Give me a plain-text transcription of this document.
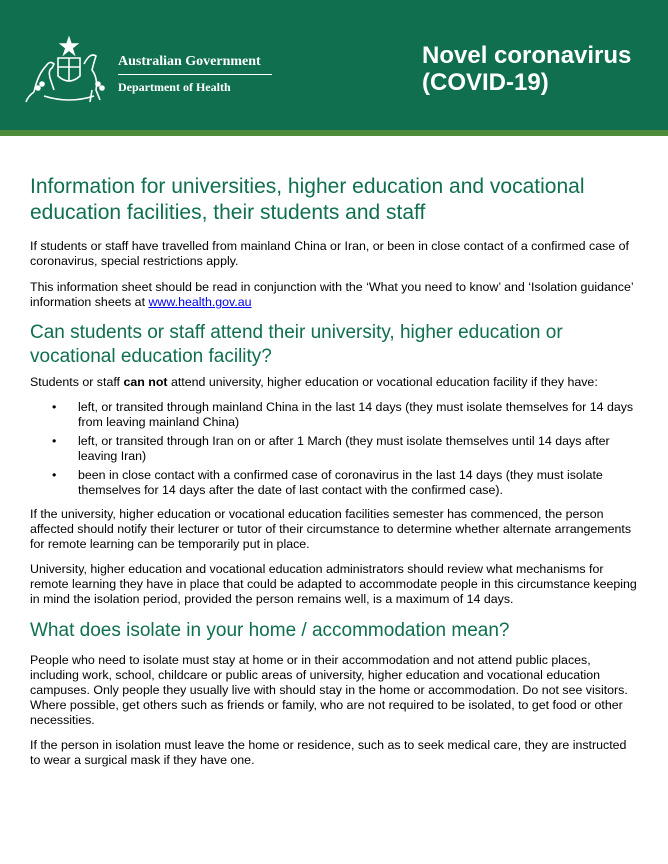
Australian Government
Department of Health
Novel coronavirus
(COVID-19)
Information for universities, higher education and vocational education facilities, their students and staff

If students or staff have travelled from mainland China or Iran, or been in close contact of a confirmed case of coronavirus, special restrictions apply.

This information sheet should be read in conjunction with the ‘What you need to know’ and ‘Isolation guidance’ information sheets at www.health.gov.au

Can students or staff attend their university, higher education or vocational education facility?

Students or staff can not attend university, higher education or vocational education facility if they have:

• left, or transited through mainland China in the last 14 days (they must isolate themselves for 14 days from leaving mainland China)
• left, or transited through Iran on or after 1 March (they must isolate themselves until 14 days after leaving Iran)
• been in close contact with a confirmed case of coronavirus in the last 14 days (they must isolate themselves for 14 days after the date of last contact with the confirmed case).

If the university, higher education or vocational education facilities semester has commenced, the person affected should notify their lecturer or tutor of their circumstance to determine whether alternate arrangements for remote learning can be temporarily put in place.

University, higher education and vocational education administrators should review what mechanisms for remote learning they have in place that could be adapted to accommodate people in this circumstance keeping in mind the isolation period, provided the person remains well, is a maximum of 14 days.

What does isolate in your home / accommodation mean?

People who need to isolate must stay at home or in their accommodation and not attend public places, including work, school, childcare or public areas of university, higher education and vocational education campuses. Only people they usually live with should stay in the home or accommodation. Do not see visitors. Where possible, get others such as friends or family, who are not required to be isolated, to get food or other necessities.

If the person in isolation must leave the home or residence, such as to seek medical care, they are instructed to wear a surgical mask if they have one.
